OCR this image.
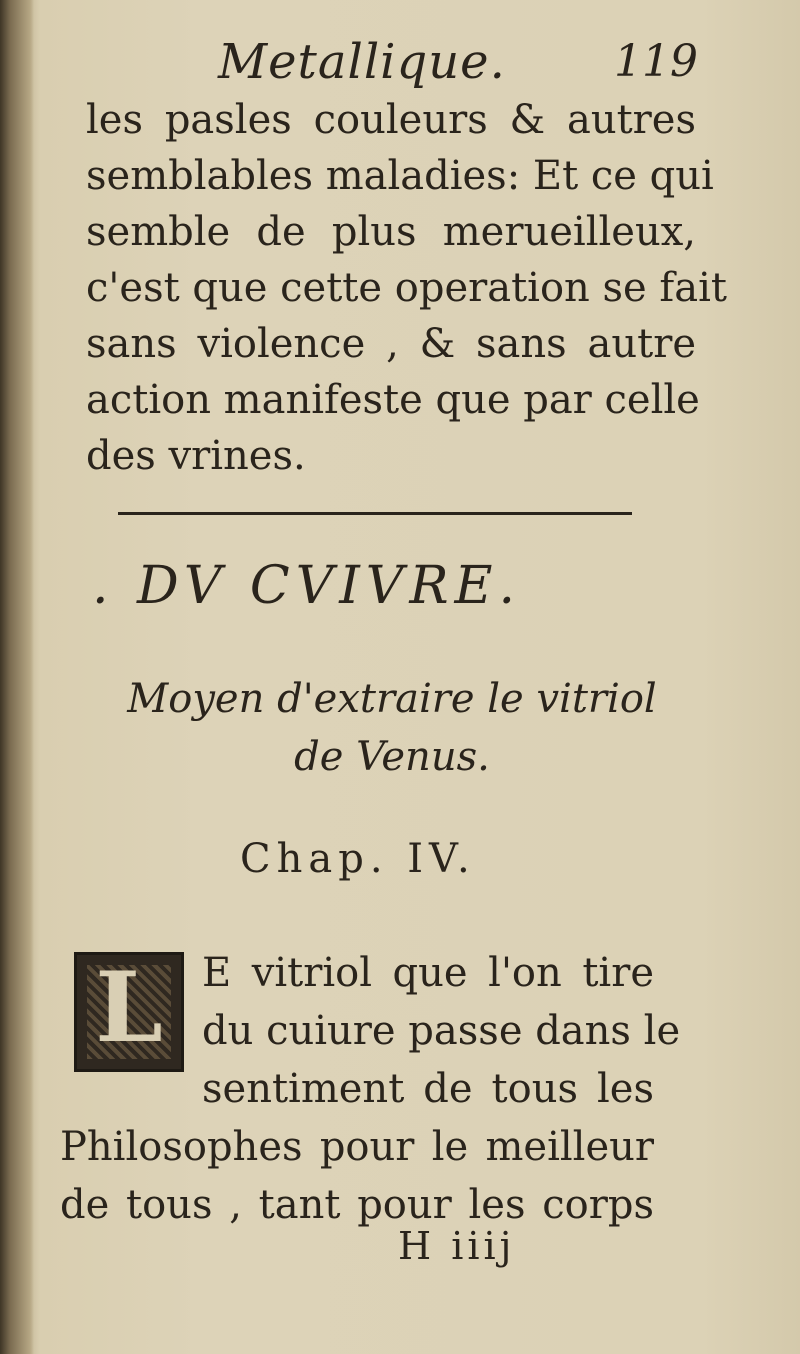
Metallique. 119
les pasles couleurs & autres
semblables maladies: Et ce qui
semble de plus merueilleux,
c'est que cette operation se fait
sans violence , & sans autre
action manifeste que par celle
des vrines.
. DV CVIVRE.
Moyen d'extraire le vitriol
de Venus.
Chap. IV.
L E vitriol que l'on tire
du cuiure passe dans le
sentiment de tous les
Philosophes pour le meilleur
de tous , tant pour les corps
H iiij
